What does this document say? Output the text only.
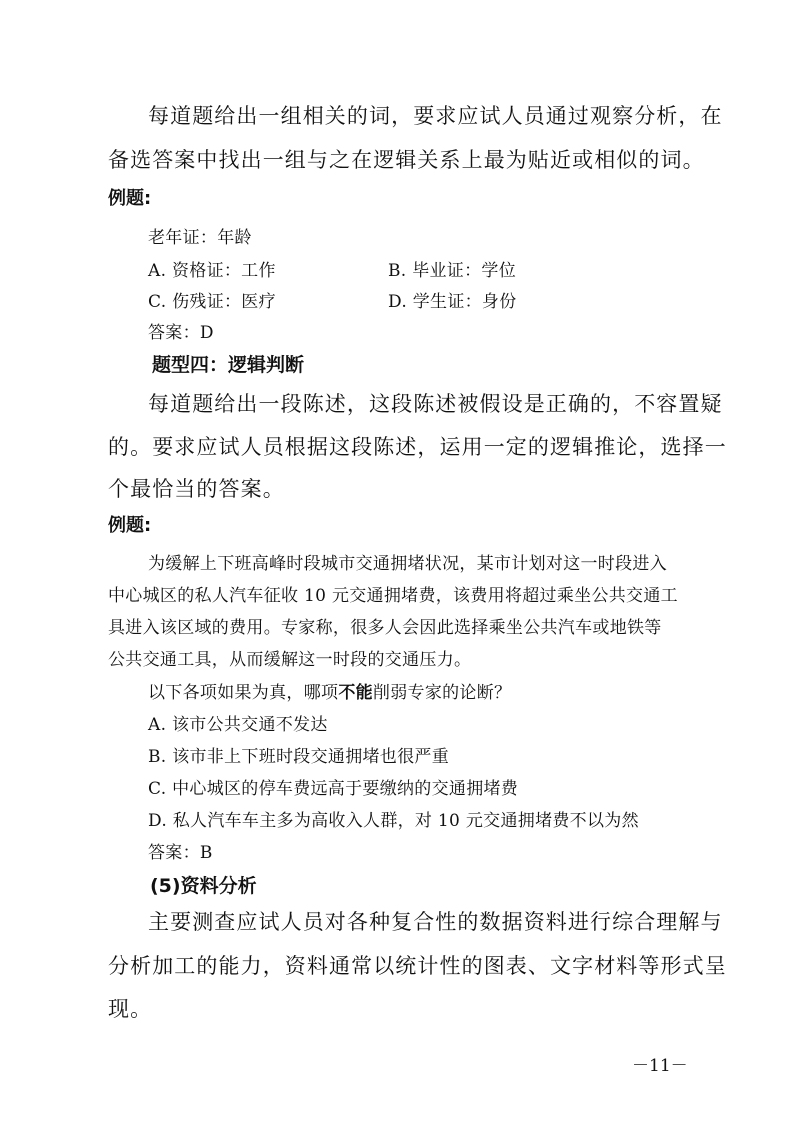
每道题给出一组相关的词，要求应试人员通过观察分析，在
备选答案中找出一组与之在逻辑关系上最为贴近或相似的词。
例题:
老年证：年龄
A. 资格证：工作	B. 毕业证：学位
C. 伤残证：医疗	D. 学生证：身份
答案：D
题型四：逻辑判断
每道题给出一段陈述，这段陈述被假设是正确的，不容置疑
的。要求应试人员根据这段陈述，运用一定的逻辑推论，选择一
个最恰当的答案。
例题:
为缓解上下班高峰时段城市交通拥堵状况，某市计划对这一时段进入
中心城区的私人汽车征收 10 元交通拥堵费，该费用将超过乘坐公共交通工
具进入该区域的费用。专家称，很多人会因此选择乘坐公共汽车或地铁等
公共交通工具，从而缓解这一时段的交通压力。
以下各项如果为真，哪项不能削弱专家的论断？
A. 该市公共交通不发达
B. 该市非上下班时段交通拥堵也很严重
C. 中心城区的停车费远高于要缴纳的交通拥堵费
D. 私人汽车车主多为高收入人群，对 10 元交通拥堵费不以为然
答案：B
(5)资料分析
主要测查应试人员对各种复合性的数据资料进行综合理解与
分析加工的能力，资料通常以统计性的图表、文字材料等形式呈
现。
－11－
